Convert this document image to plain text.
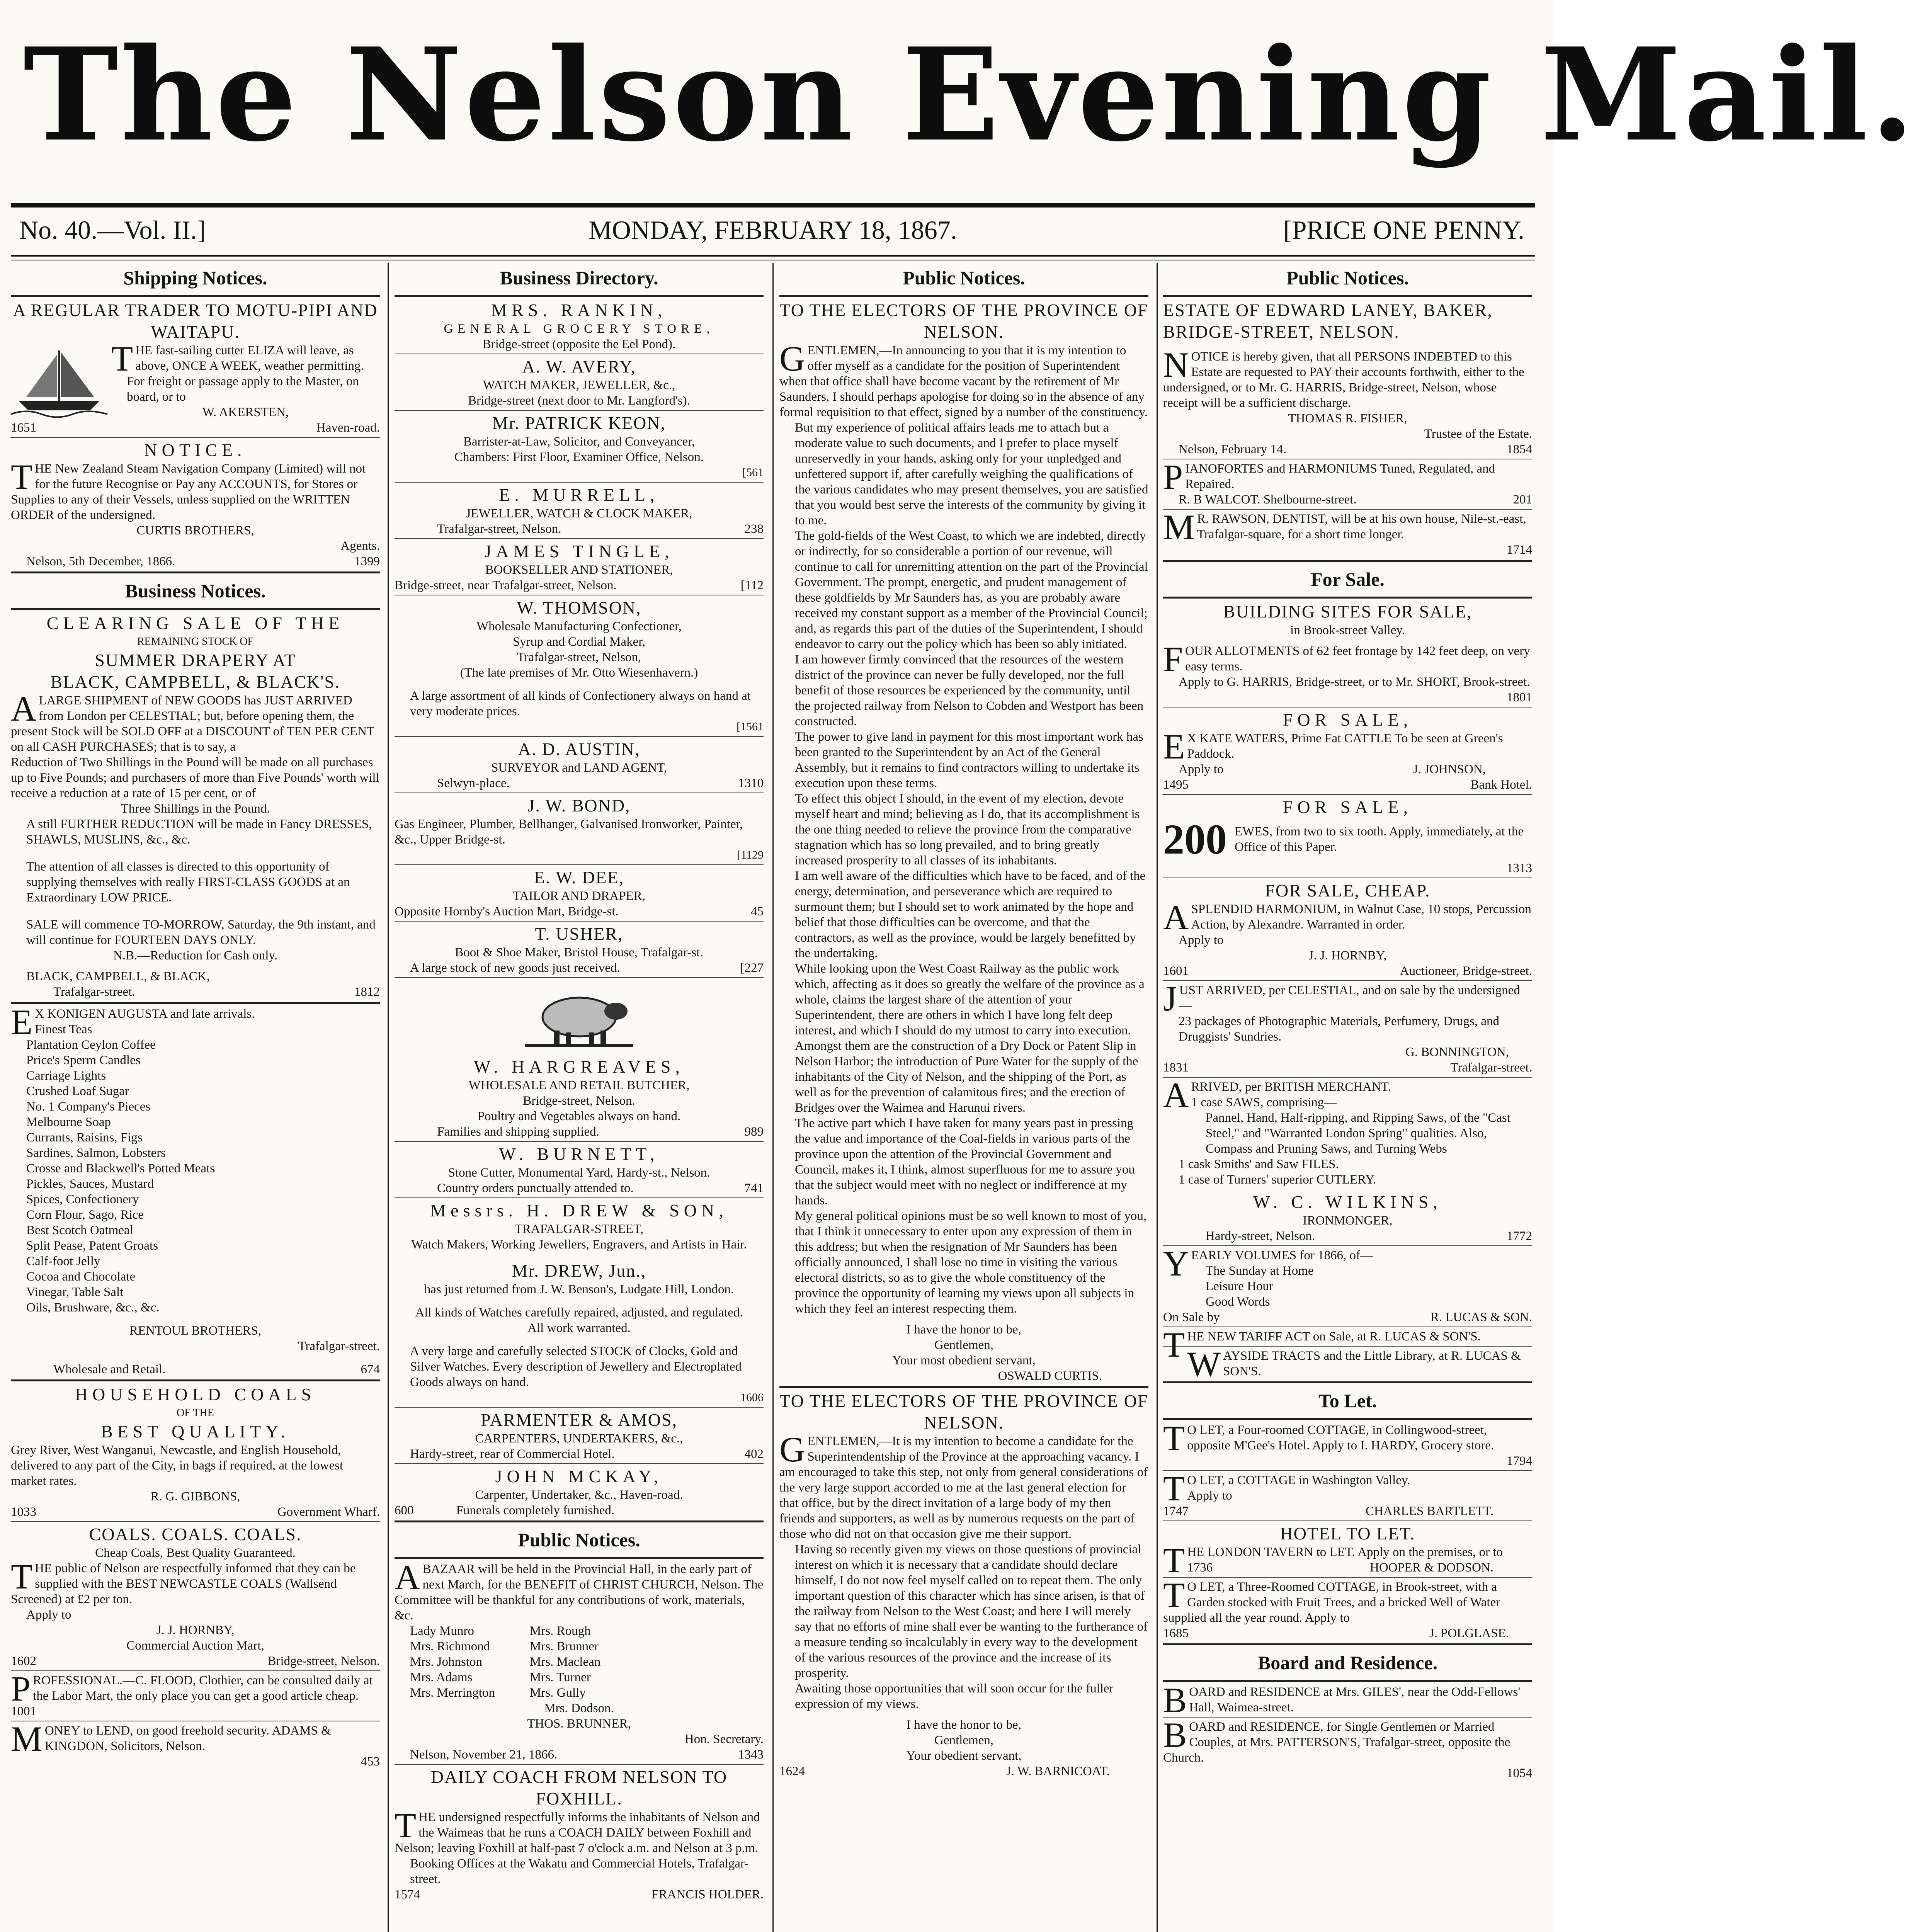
The Nelson Evening Mail.
No. 40.—Vol. II.]	MONDAY, FEBRUARY 18, 1867.	[PRICE ONE PENNY.

Shipping Notices.

A REGULAR TRADER TO MOTU-PIPI AND WAITAPU.

THE fast-sailing cutter ELIZA will leave, as above, ONCE A WEEK, weather permitting.

For freight or passage apply to the Master, on board, or to

W. AKERSTEN,

1651	Haven-road.

NOTICE.

THE New Zealand Steam Navigation Company (Limited) will not for the future Recognise or Pay any ACCOUNTS, for Stores or Supplies to any of their Vessels, unless supplied on the WRITTEN ORDER of the undersigned.

CURTIS BROTHERS,

Agents.

Nelson, 5th December, 1866.	1399

Business Notices.

CLEARING SALE OF THE

REMAINING STOCK OF

SUMMER DRAPERY AT

BLACK, CAMPBELL, & BLACK'S.

ALARGE SHIPMENT of NEW GOODS has JUST ARRIVED from London per CELESTIAL; but, before opening them, the present Stock will be SOLD OFF at a DISCOUNT of TEN PER CENT on all CASH PURCHASES; that is to say, a

Reduction of Two Shillings in the Pound will be made on all purchases up to Five Pounds; and purchasers of more than Five Pounds' worth will receive a reduction at a rate of 15 per cent, or of

Three Shillings in the Pound.

A still FURTHER REDUCTION will be made in Fancy DRESSES, SHAWLS, MUSLINS, &c., &c.

The attention of all classes is directed to this opportunity of supplying themselves with really FIRST-CLASS GOODS at an Extraordinary LOW PRICE.

SALE will commence TO-MORROW, Saturday, the 9th instant, and will continue for FOURTEEN DAYS ONLY.

N.B.—Reduction for Cash only.

BLACK, CAMPBELL, & BLACK,

Trafalgar-street.	1812

EX KONIGEN AUGUSTA and late arrivals.

Finest Teas

Plantation Ceylon Coffee

Price's Sperm Candles

Carriage Lights

Crushed Loaf Sugar

No. 1 Company's Pieces

Melbourne Soap

Currants, Raisins, Figs

Sardines, Salmon, Lobsters

Crosse and Blackwell's Potted Meats

Pickles, Sauces, Mustard

Spices, Confectionery

Corn Flour, Sago, Rice

Best Scotch Oatmeal

Split Pease, Patent Groats

Calf-foot Jelly

Cocoa and Chocolate

Vinegar, Table Salt

Oils, Brushware, &c., &c.

RENTOUL BROTHERS,

Trafalgar-street.

Wholesale and Retail.	674

HOUSEHOLD COALS

OF THE

BEST QUALITY.

Grey River, West Wanganui, Newcastle, and English Household, delivered to any part of the City, in bags if required, at the lowest market rates.

R. G. GIBBONS,

1033	Government Wharf.

COALS. COALS. COALS.

Cheap Coals, Best Quality Guaranteed.

THE public of Nelson are respectfully informed that they can be supplied with the BEST NEWCASTLE COALS (Wallsend Screened) at £2 per ton.

Apply to

J. J. HORNBY,

Commercial Auction Mart,

1602	Bridge-street, Nelson.

PROFESSIONAL.—C. FLOOD, Clothier, can be consulted daily at the Labor Mart, the only place you can get a good article cheap. 1001

MONEY to LEND, on good freehold security. ADAMS & KINGDON, Solicitors, Nelson.

453

Business Directory.

MRS. RANKIN,

GENERAL GROCERY STORE,

Bridge-street (opposite the Eel Pond).

A. W. AVERY,

WATCH MAKER, JEWELLER, &c.,

Bridge-street (next door to Mr. Langford's).

Mr. PATRICK KEON,

Barrister-at-Law, Solicitor, and Conveyancer,

Chambers: First Floor, Examiner Office, Nelson.

[561

E. MURRELL,

JEWELLER, WATCH & CLOCK MAKER,

Trafalgar-street, Nelson.	238

JAMES TINGLE,

BOOKSELLER AND STATIONER,

Bridge-street, near Trafalgar-street, Nelson.	[112

W. THOMSON,

Wholesale Manufacturing Confectioner,

Syrup and Cordial Maker,

Trafalgar-street, Nelson,

(The late premises of Mr. Otto Wiesenhavern.)

A large assortment of all kinds of Confectionery always on hand at very moderate prices.

[1561

A. D. AUSTIN,

SURVEYOR and LAND AGENT,

Selwyn-place.	1310

J. W. BOND,

Gas Engineer, Plumber, Bellhanger, Galvanised Ironworker, Painter, &c., Upper Bridge-st.

[1129

E. W. DEE,

TAILOR AND DRAPER,

Opposite Hornby's Auction Mart, Bridge-st.	45

T. USHER,

Boot & Shoe Maker, Bristol House, Trafalgar-st.

A large stock of new goods just received.	[227

W. HARGREAVES,

WHOLESALE AND RETAIL BUTCHER,

Bridge-street, Nelson.

Poultry and Vegetables always on hand.

Families and shipping supplied.	989

W. BURNETT,

Stone Cutter, Monumental Yard, Hardy-st., Nelson.

Country orders punctually attended to.	741

Messrs. H. DREW & SON,

TRAFALGAR-STREET,

Watch Makers, Working Jewellers, Engravers, and Artists in Hair.

Mr. DREW, Jun.,

has just returned from J. W. Benson's, Ludgate Hill, London.

All kinds of Watches carefully repaired, adjusted, and regulated.

All work warranted.

A very large and carefully selected STOCK of Clocks, Gold and Silver Watches. Every description of Jewellery and Electroplated Goods always on hand.

1606

PARMENTER & AMOS,

CARPENTERS, UNDERTAKERS, &c.,

Hardy-street, rear of Commercial Hotel.	402

JOHN MCKAY,

Carpenter, Undertaker, &c., Haven-road.

600	Funerals completely furnished.

Public Notices.

ABAZAAR will be held in the Provincial Hall, in the early part of next March, for the BENEFIT of CHRIST CHURCH, Nelson. The Committee will be thankful for any contributions of work, materials, &c.

Lady Munro	Mrs. Rough
Mrs. Richmond	Mrs. Brunner
Mrs. Johnston	Mrs. Maclean
Mrs. Adams	Mrs. Turner
Mrs. Merrington	Mrs. Gully

Mrs. Dodson.

THOS. BRUNNER,

Hon. Secretary.

Nelson, November 21, 1866.	1343

DAILY COACH FROM NELSON TO FOXHILL.

THE undersigned respectfully informs the inhabitants of Nelson and the Waimeas that he runs a COACH DAILY between Foxhill and Nelson; leaving Foxhill at half-past 7 o'clock a.m. and Nelson at 3 p.m.

Booking Offices at the Wakatu and Commercial Hotels, Trafalgar-street.

1574	FRANCIS HOLDER.

Public Notices.

TO THE ELECTORS OF THE PROVINCE OF NELSON.

GENTLEMEN,—In announcing to you that it is my intention to offer myself as a candidate for the position of Superintendent when that office shall have become vacant by the retirement of Mr Saunders, I should perhaps apologise for doing so in the absence of any formal requisition to that effect, signed by a number of the constituency.

But my experience of political affairs leads me to attach but a moderate value to such documents, and I prefer to place myself unreservedly in your hands, asking only for your unpledged and unfettered support if, after carefully weighing the qualifications of the various candidates who may present themselves, you are satisfied that you would best serve the interests of the community by giving it to me.

The gold-fields of the West Coast, to which we are indebted, directly or indirectly, for so considerable a portion of our revenue, will continue to call for unremitting attention on the part of the Provincial Government. The prompt, energetic, and prudent management of these goldfields by Mr Saunders has, as you are probably aware received my constant support as a member of the Provincial Council; and, as regards this part of the duties of the Superintendent, I should endeavor to carry out the policy which has been so ably initiated.

I am however firmly convinced that the resources of the western district of the province can never be fully developed, nor the full benefit of those resources be experienced by the community, until the projected railway from Nelson to Cobden and Westport has been constructed.

The power to give land in payment for this most important work has been granted to the Superintendent by an Act of the General Assembly, but it remains to find contractors willing to undertake its execution upon these terms.

To effect this object I should, in the event of my election, devote myself heart and mind; believing as I do, that its accomplishment is the one thing needed to relieve the province from the comparative stagnation which has so long prevailed, and to bring greatly increased prosperity to all classes of its inhabitants.

I am well aware of the difficulties which have to be faced, and of the energy, determination, and perseverance which are required to surmount them; but I should set to work animated by the hope and belief that those difficulties can be overcome, and that the contractors, as well as the province, would be largely benefitted by the undertaking.

While looking upon the West Coast Railway as the public work which, affecting as it does so greatly the welfare of the province as a whole, claims the largest share of the attention of your Superintendent, there are others in which I have long felt deep interest, and which I should do my utmost to carry into execution. Amongst them are the construction of a Dry Dock or Patent Slip in Nelson Harbor; the introduction of Pure Water for the supply of the inhabitants of the City of Nelson, and the shipping of the Port, as well as for the prevention of calamitous fires; and the erection of Bridges over the Waimea and Harunui rivers.

The active part which I have taken for many years past in pressing the value and importance of the Coal-fields in various parts of the province upon the attention of the Provincial Government and Council, makes it, I think, almost superfluous for me to assure you that the subject would meet with no neglect or indifference at my hands.

My general political opinions must be so well known to most of you, that I think it unnecessary to enter upon any expression of them in this address; but when the resignation of Mr Saunders has been officially announced, I shall lose no time in visiting the various electoral districts, so as to give the whole constituency of the province the opportunity of learning my views upon all subjects in which they feel an interest respecting them.

I have the honor to be,

Gentlemen,

Your most obedient servant,

OSWALD CURTIS.

TO THE ELECTORS OF THE PROVINCE OF NELSON.

GENTLEMEN,—It is my intention to become a candidate for the Superintendentship of the Province at the approaching vacancy. I am encouraged to take this step, not only from general considerations of the very large support accorded to me at the last general election for that office, but by the direct invitation of a large body of my then friends and supporters, as well as by numerous requests on the part of those who did not on that occasion give me their support.

Having so recently given my views on those questions of provincial interest on which it is necessary that a candidate should declare himself, I do not now feel myself called on to repeat them. The only important question of this character which has since arisen, is that of the railway from Nelson to the West Coast; and here I will merely say that no efforts of mine shall ever be wanting to the furtherance of a measure tending so incalculably in every way to the development of the various resources of the province and the increase of its prosperity.

Awaiting those opportunities that will soon occur for the fuller expression of my views.

I have the honor to be,

Gentlemen,

Your obedient servant,

1624	J. W. BARNICOAT.

Public Notices.

ESTATE OF EDWARD LANEY, BAKER, BRIDGE-STREET, NELSON.

NOTICE is hereby given, that all PERSONS INDEBTED to this Estate are requested to PAY their accounts forthwith, either to the undersigned, or to Mr. G. HARRIS, Bridge-street, Nelson, whose receipt will be a sufficient discharge.

THOMAS R. FISHER,

Trustee of the Estate.

Nelson, February 14.	1854

PIANOFORTES and HARMONIUMS Tuned, Regulated, and Repaired.

R. B WALCOT. Shelbourne-street.	201

MR. RAWSON, DENTIST, will be at his own house, Nile-st.-east, Trafalgar-square, for a short time longer.

1714

For Sale.

BUILDING SITES FOR SALE,

in Brook-street Valley.

FOUR ALLOTMENTS of 62 feet frontage by 142 feet deep, on very easy terms.

Apply to G. HARRIS, Bridge-street, or to Mr. SHORT, Brook-street.

1801

FOR SALE,

EX KATE WATERS, Prime Fat CATTLE To be seen at Green's Paddock.

Apply to	J. JOHNSON,
1495	Bank Hotel.

FOR SALE,

200 EWES, from two to six tooth. Apply, immediately, at the Office of this Paper.

1313

FOR SALE, CHEAP.

ASPLENDID HARMONIUM, in Walnut Case, 10 stops, Percussion Action, by Alexandre. Warranted in order.

Apply to

J. J. HORNBY,

1601	Auctioneer, Bridge-street.

JUST ARRIVED, per CELESTIAL, and on sale by the undersigned—

23 packages of Photographic Materials, Perfumery, Drugs, and Druggists' Sundries.

G. BONNINGTON,

1831	Trafalgar-street.

ARRIVED, per BRITISH MERCHANT.

1 case SAWS, comprising—

Pannel, Hand, Half-ripping, and Ripping Saws, of the "Cast Steel," and "Warranted London Spring" qualities. Also, Compass and Pruning Saws, and Turning Webs

1 cask Smiths' and Saw FILES.

1 case of Turners' superior CUTLERY.

W. C. WILKINS,

IRONMONGER,

Hardy-street, Nelson.	1772

YEARLY VOLUMES for 1866, of—

The Sunday at Home

Leisure Hour

Good Words

On Sale by	R. LUCAS & SON.

THE NEW TARIFF ACT on Sale, at R. LUCAS & SON'S.

WAYSIDE TRACTS and the Little Library, at R. LUCAS & SON'S.

To Let.

TO LET, a Four-roomed COTTAGE, in Collingwood-street, opposite M'Gee's Hotel. Apply to I. HARDY, Grocery store.

1794

TO LET, a COTTAGE in Washington Valley.

Apply to

1747	CHARLES BARTLETT.

HOTEL TO LET.

THE LONDON TAVERN to LET. Apply on the premises, or to

1736	HOOPER & DODSON.

TO LET, a Three-Roomed COTTAGE, in Brook-street, with a Garden stocked with Fruit Trees, and a bricked Well of Water supplied all the year round. Apply to

1685	J. POLGLASE.

Board and Residence.

BOARD and RESIDENCE at Mrs. GILES', near the Odd-Fellows' Hall, Waimea-street.

BOARD and RESIDENCE, for Single Gentlemen or Married Couples, at Mrs. PATTERSON'S, Trafalgar-street, opposite the Church.

1054
